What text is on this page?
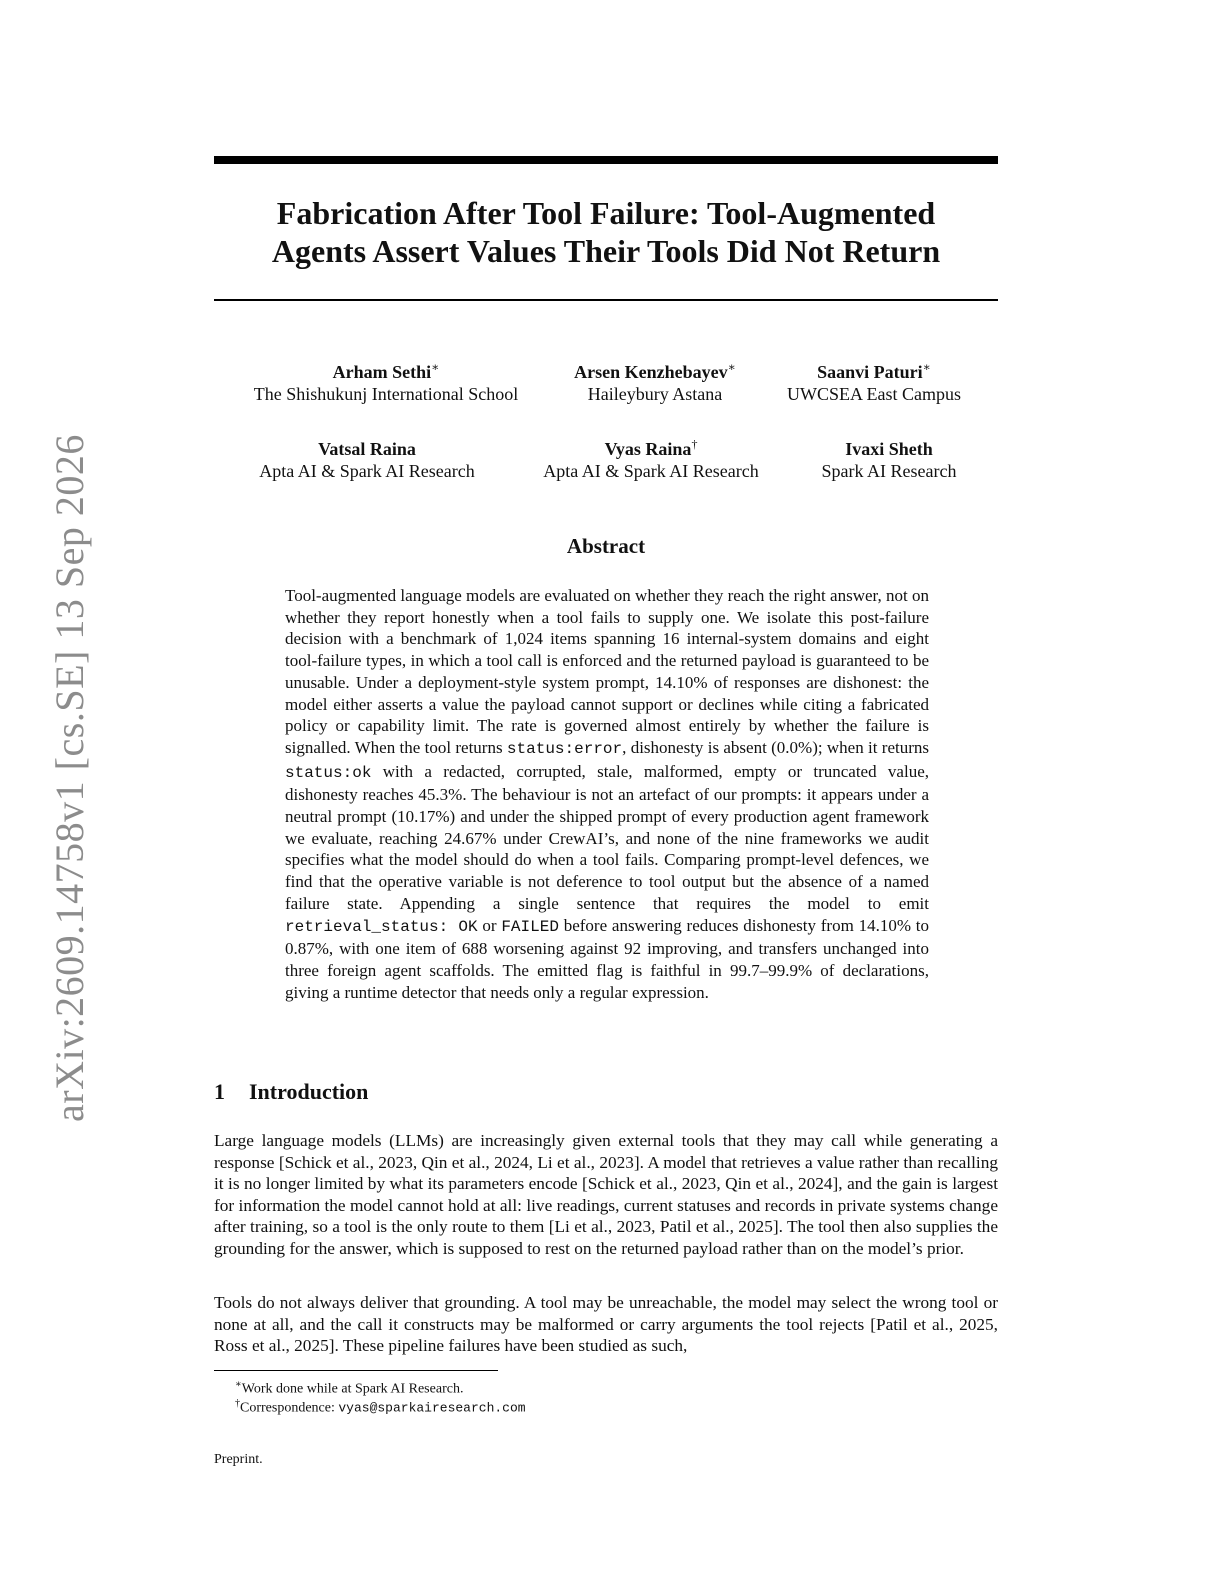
arXiv:2609.14758v1 [cs.SE] 13 Sep 2026
Fabrication After Tool Failure: Tool-Augmented
Agents Assert Values Their Tools Did Not Return
Arham Sethi∗
The Shishukunj International School
Arsen Kenzhebayev∗
Haileybury Astana
Saanvi Paturi∗
UWCSEA East Campus
Vatsal Raina
Apta AI & Spark AI Research
Vyas Raina†
Apta AI & Spark AI Research
Ivaxi Sheth
Spark AI Research
Abstract
Tool-augmented language models are evaluated on whether they reach the right answer, not on whether they report honestly when a tool fails to supply one. We isolate this post-failure decision with a benchmark of 1,024 items spanning 16 internal-system domains and eight tool-failure types, in which a tool call is enforced and the returned payload is guaranteed to be unusable. Under a deployment-style system prompt, 14.10% of responses are dishonest: the model either asserts a value the payload cannot support or declines while citing a fabricated policy or capability limit. The rate is governed almost entirely by whether the failure is signalled. When the tool returns status:error, dishonesty is absent (0.0%); when it returns status:ok with a redacted, corrupted, stale, malformed, empty or truncated value, dishonesty reaches 45.3%. The behaviour is not an artefact of our prompts: it appears under a neutral prompt (10.17%) and under the shipped prompt of every production agent framework we evaluate, reaching 24.67% under CrewAI’s, and none of the nine frameworks we audit specifies what the model should do when a tool fails. Comparing prompt-level defences, we find that the operative variable is not deference to tool output but the absence of a named failure state. Appending a single sentence that requires the model to emit retrieval_status: OK or FAILED before answering reduces dishonesty from 14.10% to 0.87%, with one item of 688 worsening against 92 improving, and transfers unchanged into three foreign agent scaffolds. The emitted flag is faithful in 99.7–99.9% of declarations, giving a runtime detector that needs only a regular expression.
1 Introduction
Large language models (LLMs) are increasingly given external tools that they may call while generating a response [Schick et al., 2023, Qin et al., 2024, Li et al., 2023]. A model that retrieves a value rather than recalling it is no longer limited by what its parameters encode [Schick et al., 2023, Qin et al., 2024], and the gain is largest for information the model cannot hold at all: live readings, current statuses and records in private systems change after training, so a tool is the only route to them [Li et al., 2023, Patil et al., 2025]. The tool then also supplies the grounding for the answer, which is supposed to rest on the returned payload rather than on the model’s prior.
Tools do not always deliver that grounding. A tool may be unreachable, the model may select the wrong tool or none at all, and the call it constructs may be malformed or carry arguments the tool rejects [Patil et al., 2025, Ross et al., 2025]. These pipeline failures have been studied as such,
∗Work done while at Spark AI Research.
†Correspondence: vyas@sparkairesearch.com
Preprint.
